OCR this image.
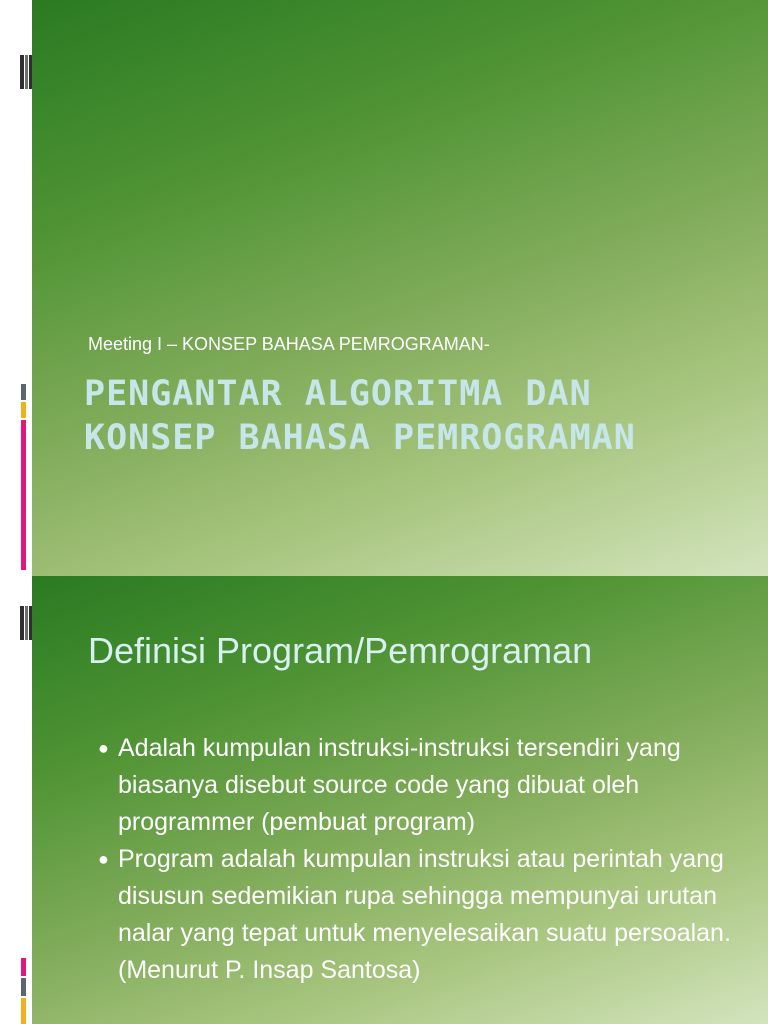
Meeting I – KONSEP BAHASA PEMROGRAMAN-
PENGANTAR ALGORITMA DAN
KONSEP BAHASA PEMROGRAMAN
Definisi Program/Pemrograman
● Adalah kumpulan instruksi-instruksi tersendiri yang biasanya disebut source code yang dibuat oleh programmer (pembuat program)
● Program adalah kumpulan instruksi atau perintah yang disusun sedemikian rupa sehingga mempunyai urutan nalar yang tepat untuk menyelesaikan suatu persoalan. (Menurut P. Insap Santosa)
